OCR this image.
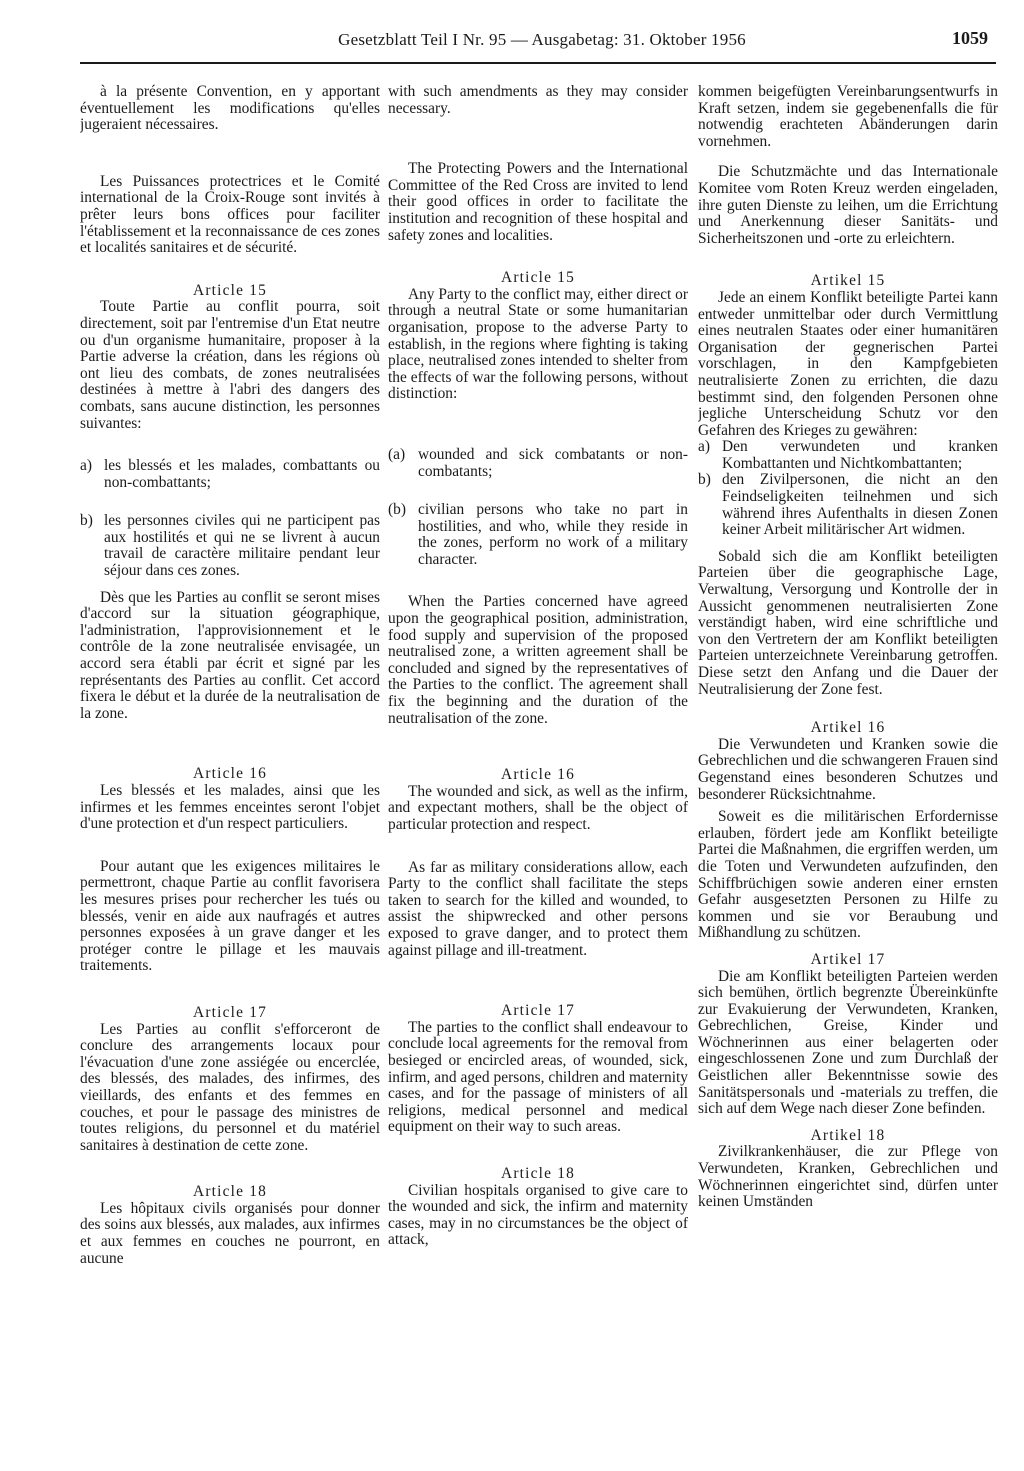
Gesetzblatt Teil I Nr. 95 — Ausgabetag: 31. Oktober 1956	1059

à la présente Convention, en y apportant éventuellement les modifications qu'elles jugeraient nécessaires.

Les Puissances protectrices et le Comité international de la Croix-Rouge sont invités à prêter leurs bons offices pour faciliter l'établissement et la reconnaissance de ces zones et localités sanitaires et de sécurité.

Article 15

Toute Partie au conflit pourra, soit directement, soit par l'entremise d'un Etat neutre ou d'un organisme humanitaire, proposer à la Partie adverse la création, dans les régions où ont lieu des combats, de zones neutralisées destinées à mettre à l'abri des dangers des combats, sans aucune distinction, les personnes suivantes:

a) les blessés et les malades, combattants ou non-combattants;
b) les personnes civiles qui ne participent pas aux hostilités et qui ne se livrent à aucun travail de caractère militaire pendant leur séjour dans ces zones.

Dès que les Parties au conflit se seront mises d'accord sur la situation géographique, l'administration, l'approvisionnement et le contrôle de la zone neutralisée envisagée, un accord sera établi par écrit et signé par les représentants des Parties au conflit. Cet accord fixera le début et la durée de la neutralisation de la zone.

Article 16

Les blessés et les malades, ainsi que les infirmes et les femmes enceintes seront l'objet d'une protection et d'un respect particuliers.

Pour autant que les exigences militaires le permettront, chaque Partie au conflit favorisera les mesures prises pour rechercher les tués ou blessés, venir en aide aux naufragés et autres personnes exposées à un grave danger et les protéger contre le pillage et les mauvais traitements.

Article 17

Les Parties au conflit s'efforceront de conclure des arrangements locaux pour l'évacuation d'une zone assiégée ou encerclée, des blessés, des malades, des infirmes, des vieillards, des enfants et des femmes en couches, et pour le passage des ministres de toutes religions, du personnel et du matériel sanitaires à destination de cette zone.

Article 18

Les hôpitaux civils organisés pour donner des soins aux blessés, aux malades, aux infirmes et aux femmes en couches ne pourront, en aucune

with such amendments as they may consider necessary.

The Protecting Powers and the International Committee of the Red Cross are invited to lend their good offices in order to facilitate the institution and recognition of these hospital and safety zones and localities.

Article 15

Any Party to the conflict may, either direct or through a neutral State or some humanitarian organisation, propose to the adverse Party to establish, in the regions where fighting is taking place, neutralised zones intended to shelter from the effects of war the following persons, without distinction:

(a) wounded and sick combatants or non-combatants;
(b) civilian persons who take no part in hostilities, and who, while they reside in the zones, perform no work of a military character.

When the Parties concerned have agreed upon the geographical position, administration, food supply and supervision of the proposed neutralised zone, a written agreement shall be concluded and signed by the representatives of the Parties to the conflict. The agreement shall fix the beginning and the duration of the neutralisation of the zone.

Article 16

The wounded and sick, as well as the infirm, and expectant mothers, shall be the object of particular protection and respect.

As far as military considerations allow, each Party to the conflict shall facilitate the steps taken to search for the killed and wounded, to assist the shipwrecked and other persons exposed to grave danger, and to protect them against pillage and ill-treatment.

Article 17

The parties to the conflict shall endeavour to conclude local agreements for the removal from besieged or encircled areas, of wounded, sick, infirm, and aged persons, children and maternity cases, and for the passage of ministers of all religions, medical personnel and medical equipment on their way to such areas.

Article 18

Civilian hospitals organised to give care to the wounded and sick, the infirm and maternity cases, may in no circumstances be the object of attack,

kommen beigefügten Vereinbarungsentwurfs in Kraft setzen, indem sie gegebenenfalls die für notwendig erachteten Abänderungen darin vornehmen.

Die Schutzmächte und das Internationale Komitee vom Roten Kreuz werden eingeladen, ihre guten Dienste zu leihen, um die Errichtung und Anerkennung dieser Sanitäts- und Sicherheitszonen und -orte zu erleichtern.

Artikel 15

Jede an einem Konflikt beteiligte Partei kann entweder unmittelbar oder durch Vermittlung eines neutralen Staates oder einer humanitären Organisation der gegnerischen Partei vorschlagen, in den Kampfgebieten neutralisierte Zonen zu errichten, die dazu bestimmt sind, den folgenden Personen ohne jegliche Unterscheidung Schutz vor den Gefahren des Krieges zu gewähren:

a) Den verwundeten und kranken Kombattanten und Nichtkombattanten;
b) den Zivilpersonen, die nicht an den Feindseligkeiten teilnehmen und sich während ihres Aufenthalts in diesen Zonen keiner Arbeit militärischer Art widmen.

Sobald sich die am Konflikt beteiligten Parteien über die geographische Lage, Verwaltung, Versorgung und Kontrolle der in Aussicht genommenen neutralisierten Zone verständigt haben, wird eine schriftliche und von den Vertretern der am Konflikt beteiligten Parteien unterzeichnete Vereinbarung getroffen. Diese setzt den Anfang und die Dauer der Neutralisierung der Zone fest.

Artikel 16

Die Verwundeten und Kranken sowie die Gebrechlichen und die schwangeren Frauen sind Gegenstand eines besonderen Schutzes und besonderer Rücksichtnahme.

Soweit es die militärischen Erfordernisse erlauben, fördert jede am Konflikt beteiligte Partei die Maßnahmen, die ergriffen werden, um die Toten und Verwundeten aufzufinden, den Schiffbrüchigen sowie anderen einer ernsten Gefahr ausgesetzten Personen zu Hilfe zu kommen und sie vor Beraubung und Mißhandlung zu schützen.

Artikel 17

Die am Konflikt beteiligten Parteien werden sich bemühen, örtlich begrenzte Übereinkünfte zur Evakuierung der Verwundeten, Kranken, Gebrechlichen, Greise, Kinder und Wöchnerinnen aus einer belagerten oder eingeschlossenen Zone und zum Durchlaß der Geistlichen aller Bekenntnisse sowie des Sanitätspersonals und -materials zu treffen, die sich auf dem Wege nach dieser Zone befinden.

Artikel 18

Zivilkrankenhäuser, die zur Pflege von Verwundeten, Kranken, Gebrechlichen und Wöchnerinnen eingerichtet sind, dürfen unter keinen Umständen
